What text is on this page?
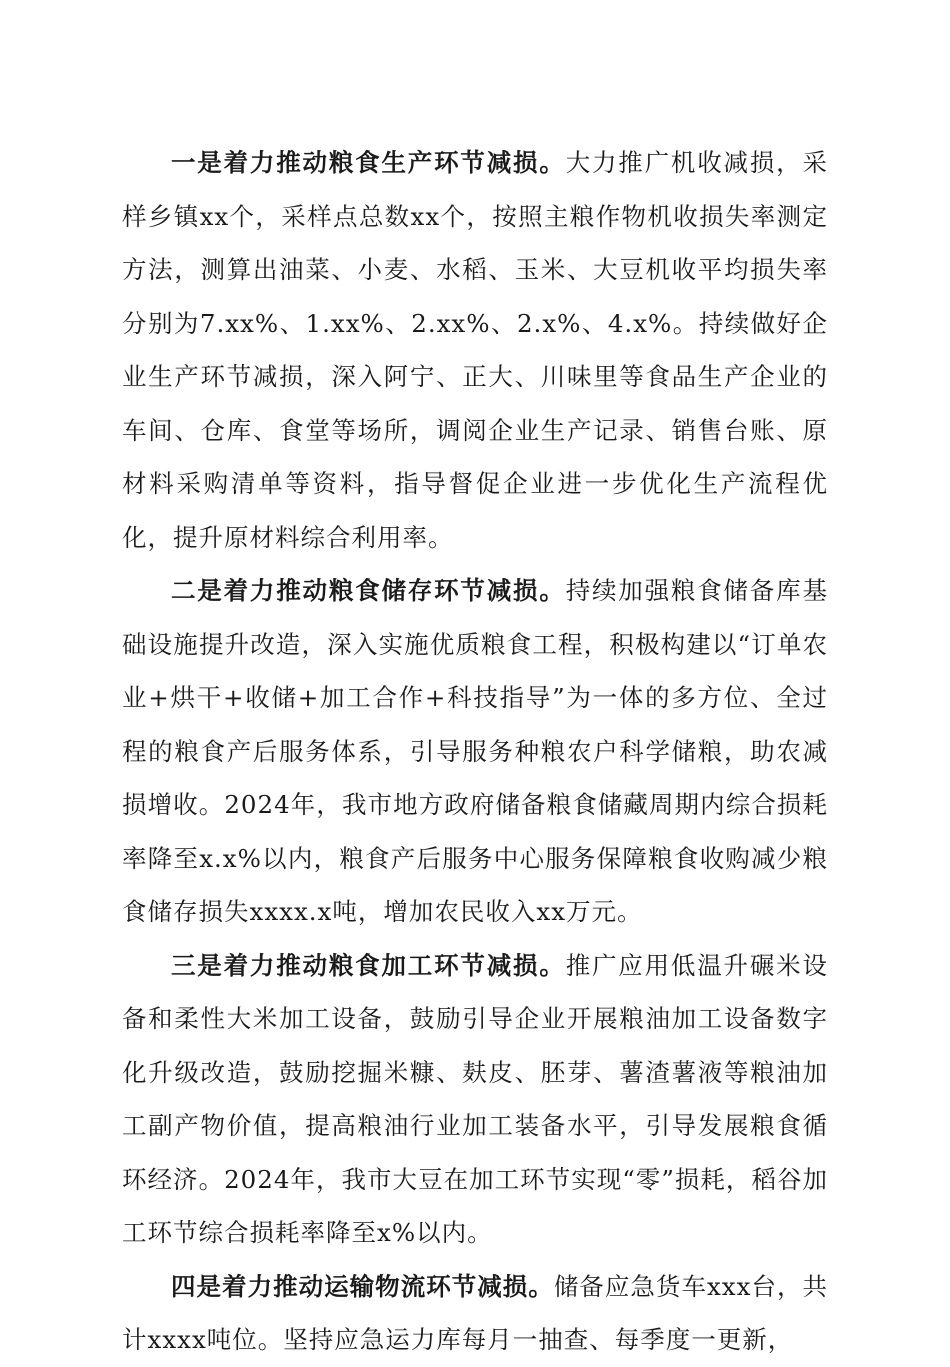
一是着力推动粮食生产环节减损。大力推广机收减损，采样乡镇xx个，采样点总数xx个，按照主粮作物机收损失率测定方法，测算出油菜、小麦、水稻、玉米、大豆机收平均损失率分别为7.xx%、1.xx%、2.xx%、2.x%、4.x%。持续做好企业生产环节减损，深入阿宁、正大、川味里等食品生产企业的车间、仓库、食堂等场所，调阅企业生产记录、销售台账、原材料采购清单等资料，指导督促企业进一步优化生产流程优化，提升原材料综合利用率。

二是着力推动粮食储存环节减损。持续加强粮食储备库基础设施提升改造，深入实施优质粮食工程，积极构建以“订单农业+烘干+收储+加工合作+科技指导”为一体的多方位、全过程的粮食产后服务体系，引导服务种粮农户科学储粮，助农减损增收。2024年，我市地方政府储备粮食储藏周期内综合损耗率降至x.x%以内，粮食产后服务中心服务保障粮食收购减少粮食储存损失xxxx.x吨，增加农民收入xx万元。

三是着力推动粮食加工环节减损。推广应用低温升碾米设备和柔性大米加工设备，鼓励引导企业开展粮油加工设备数字化升级改造，鼓励挖掘米糠、麸皮、胚芽、薯渣薯液等粮油加工副产物价值，提高粮油行业加工装备水平，引导发展粮食循环经济。2024年，我市大豆在加工环节实现“零”损耗，稻谷加工环节综合损耗率降至x%以内。

四是着力推动运输物流环节减损。储备应急货车xxx台，共计xxxx吨位。坚持应急运力库每月一抽查、每季度一更新，
